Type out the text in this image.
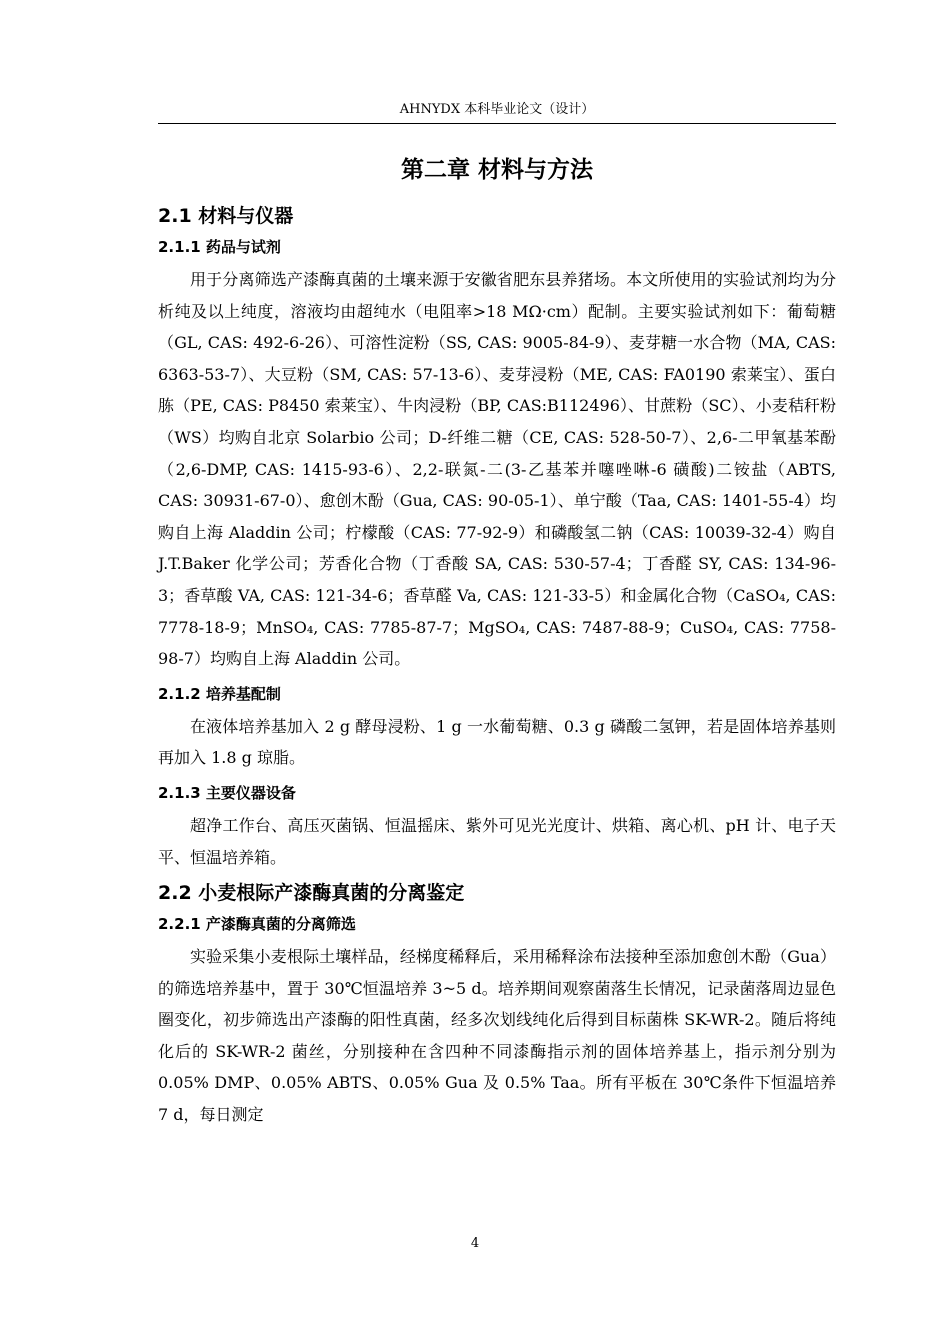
AHNYDX 本科毕业论文（设计）
第二章 材料与方法
2.1 材料与仪器
2.1.1 药品与试剂

用于分离筛选产漆酶真菌的土壤来源于安徽省肥东县养猪场。本文所使用的实验试剂均为分析纯及以上纯度，溶液均由超纯水（电阻率>18 MΩ·cm）配制。主要实验试剂如下：葡萄糖（GL, CAS: 492-6-26）、可溶性淀粉（SS, CAS: 9005-84-9）、麦芽糖一水合物（MA, CAS: 6363-53-7）、大豆粉（SM, CAS: 57-13-6）、麦芽浸粉（ME, CAS: FA0190 索莱宝）、蛋白胨（PE, CAS: P8450 索莱宝）、牛肉浸粉（BP, CAS:B112496）、甘蔗粉（SC）、小麦秸秆粉（WS）均购自北京 Solarbio 公司；D-纤维二糖（CE, CAS: 528-50-7）、2,6-二甲氧基苯酚（2,6-DMP, CAS: 1415-93-6）、2,2-联氮-二(3-乙基苯并噻唑啉-6 磺酸)二铵盐（ABTS, CAS: 30931-67-0）、愈创木酚（Gua, CAS: 90-05-1）、单宁酸（Taa, CAS: 1401-55-4）均购自上海 Aladdin 公司；柠檬酸（CAS: 77-92-9）和磷酸氢二钠（CAS: 10039-32-4）购自 J.T.Baker 化学公司；芳香化合物（丁香酸 SA, CAS: 530-57-4；丁香醛 SY, CAS: 134-96-3；香草酸 VA, CAS: 121-34-6；香草醛 Va, CAS: 121-33-5）和金属化合物（CaSO₄, CAS: 7778-18-9；MnSO₄, CAS: 7785-87-7；MgSO₄, CAS: 7487-88-9；CuSO₄, CAS: 7758-98-7）均购自上海 Aladdin 公司。

2.1.2 培养基配制

在液体培养基加入 2 g 酵母浸粉、1 g 一水葡萄糖、0.3 g 磷酸二氢钾，若是固体培养基则再加入 1.8 g 琼脂。

2.1.3 主要仪器设备

超净工作台、高压灭菌锅、恒温摇床、紫外可见光光度计、烘箱、离心机、pH 计、电子天平、恒温培养箱。

2.2 小麦根际产漆酶真菌的分离鉴定
2.2.1 产漆酶真菌的分离筛选

实验采集小麦根际土壤样品，经梯度稀释后，采用稀释涂布法接种至添加愈创木酚（Gua）的筛选培养基中，置于 30℃恒温培养 3~5 d。培养期间观察菌落生长情况，记录菌落周边显色圈变化，初步筛选出产漆酶的阳性真菌，经多次划线纯化后得到目标菌株 SK-WR-2。随后将纯化后的 SK-WR-2 菌丝，分别接种在含四种不同漆酶指示剂的固体培养基上，指示剂分别为 0.05% DMP、0.05% ABTS、0.05% Gua 及 0.5% Taa。所有平板在 30℃条件下恒温培养 7 d，每日测定

4
